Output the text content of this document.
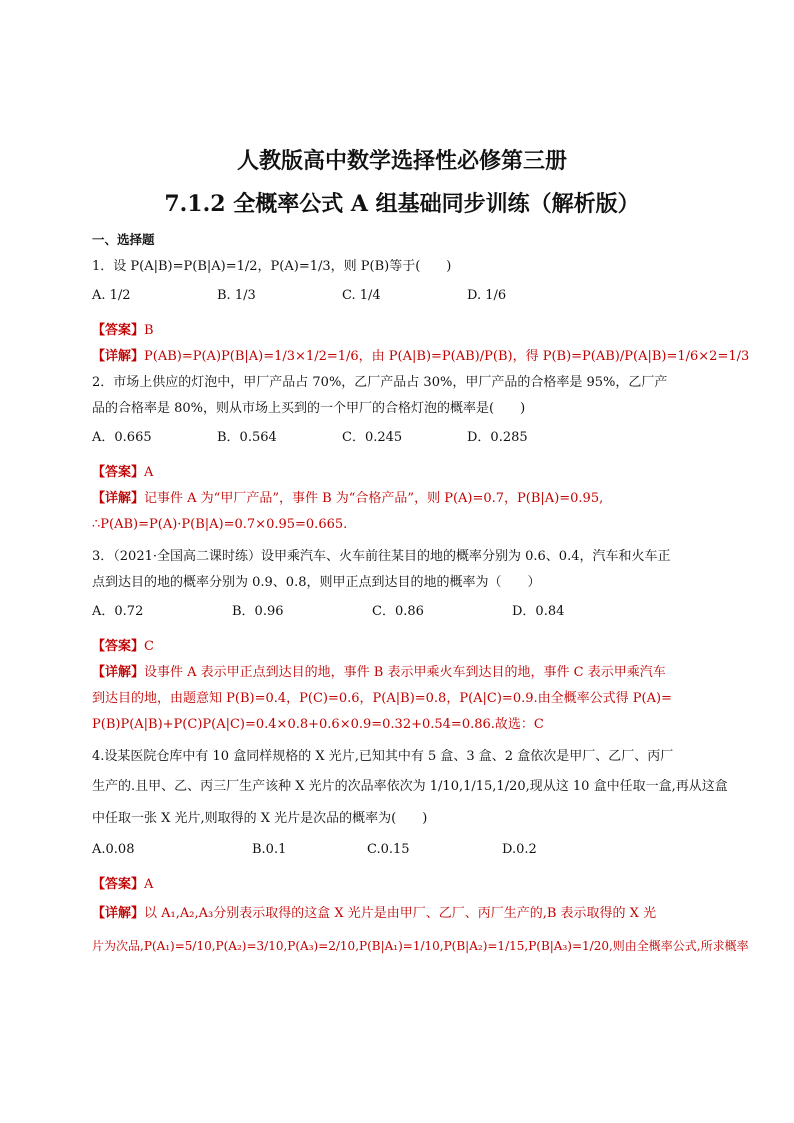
人教版高中数学选择性必修第三册

7.1.2 全概率公式 A 组基础同步训练（解析版）

一、选择题
1．设 P(A|B)=P(B|A)=1/2，P(A)=1/3，则 P(B)等于(　　)
A. 1/2	B. 1/3	C. 1/4	D. 1/6
【答案】B
【详解】P(AB)=P(A)P(B|A)=1/3×1/2=1/6，由 P(A|B)=P(AB)/P(B)，得 P(B)=P(AB)/P(A|B)=1/6×2=1/3
2．市场上供应的灯泡中，甲厂产品占 70%，乙厂产品占 30%，甲厂产品的合格率是 95%，乙厂产
品的合格率是 80%，则从市场上买到的一个甲厂的合格灯泡的概率是(　　)
A．0.665	B．0.564	C．0.245	D．0.285
【答案】A
【详解】记事件 A 为“甲厂产品”，事件 B 为“合格产品”，则 P(A)=0.7，P(B|A)=0.95,
∴P(AB)=P(A)·P(B|A)=0.7×0.95=0.665.
3．（2021·全国高二课时练）设甲乘汽车、火车前往某目的地的概率分别为 0.6、0.4，汽车和火车正
点到达目的地的概率分别为 0.9、0.8，则甲正点到达目的地的概率为（　　）
A．0.72	B．0.96	C．0.86	D．0.84
【答案】C
【详解】设事件 A 表示甲正点到达目的地，事件 B 表示甲乘火车到达目的地，事件 C 表示甲乘汽车
到达目的地，由题意知 P(B)=0.4，P(C)=0.6，P(A|B)=0.8，P(A|C)=0.9.由全概率公式得 P(A)=
P(B)P(A|B)+P(C)P(A|C)=0.4×0.8+0.6×0.9=0.32+0.54=0.86.故选：C
4.设某医院仓库中有 10 盒同样规格的 X 光片,已知其中有 5 盒、3 盒、2 盒依次是甲厂、乙厂、丙厂
生产的.且甲、乙、丙三厂生产该种 X 光片的次品率依次为 1/10,1/15,1/20,现从这 10 盒中任取一盒,再从这盒
中任取一张 X 光片,则取得的 X 光片是次品的概率为(　　)
A.0.08	B.0.1	C.0.15	D.0.2
【答案】A
【详解】以 A₁,A₂,A₃分别表示取得的这盒 X 光片是由甲厂、乙厂、丙厂生产的,B 表示取得的 X 光
片为次品,P(A₁)=5/10,P(A₂)=3/10,P(A₃)=2/10,P(B|A₁)=1/10,P(B|A₂)=1/15,P(B|A₃)=1/20,则由全概率公式,所求概率
